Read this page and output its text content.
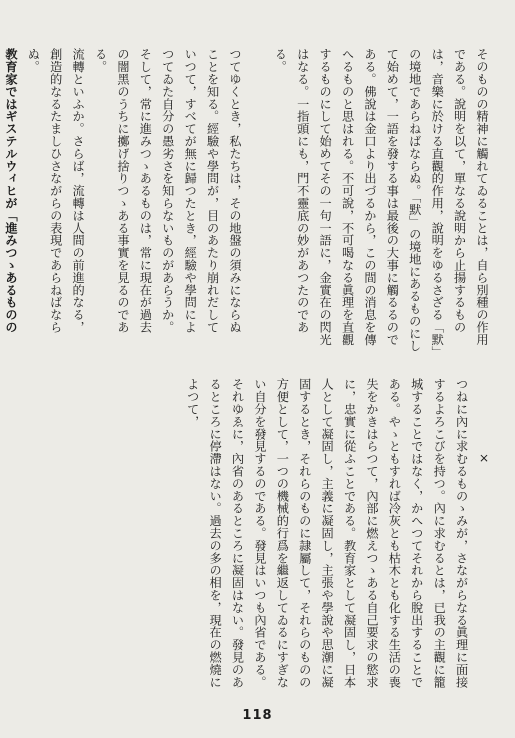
そのものの精神に觸れてゐることは，自ら別種の作用である。說明を以て，單なる說明から止揚するものは，音樂に於ける直觀的作用，說明をゆるさざる「默」の境地であらねばならぬ。「默」の境地にあるものにして始めて，一語を發する事は最後の大事に觸るるのである。佛說は金口より出づるから，この間の消息を傳へるものと思はれる。不可說，不可喝なる眞理を直觀するものにして始めてその一句一語に，金實在の閃光はなる。一指頭にも，門不靈底の妙があつたのである。

つてゆくとき，私たちは，その地盤の須みにならぬことを知る。經驗や學問が，目のあたり崩れだしていつて，すべてが無に歸つたとき，經驗や學問によつてゐた自分の愚劣さを知らないものがあらうか。そして，常に進みつゝあるものは，常に現在が過去の闇黑のうちに擲げ捨りつゝある事實を見るのである。

流轉といふか。さらば，流轉は人間の前進的なる，創造的なるたましひさながらの表現であらねばならぬ。

教育家ではギステルウィヒが「進みつゝあるものの

×

つねに內に求むるものゝみが，さながらなる眞理に面接するよろこびを持つ。內に求むるとは，已我の主觀に籠城することではなく，かへつてそれから脫出することである。やゝともすれば冷灰とも枯木とも化する生活の喪失をかきはらつて，內部に燃えつゝある自己要求の慾求に，忠實に從ふことである。教育家として凝固し，日本人として凝固し，主義に凝固し，主張や學說や思潮に凝固するとき，それらのものに隷屬して，それらのものの方便として，一つの機械的行爲を繼返してゐるにすぎない自分を發見するのである。發見はいつも內省である。それゆゑに，內省のあるところに凝固はない。發見のあるところに停滯はない。過去の多の相を，現在の燃燒によつて，

118
